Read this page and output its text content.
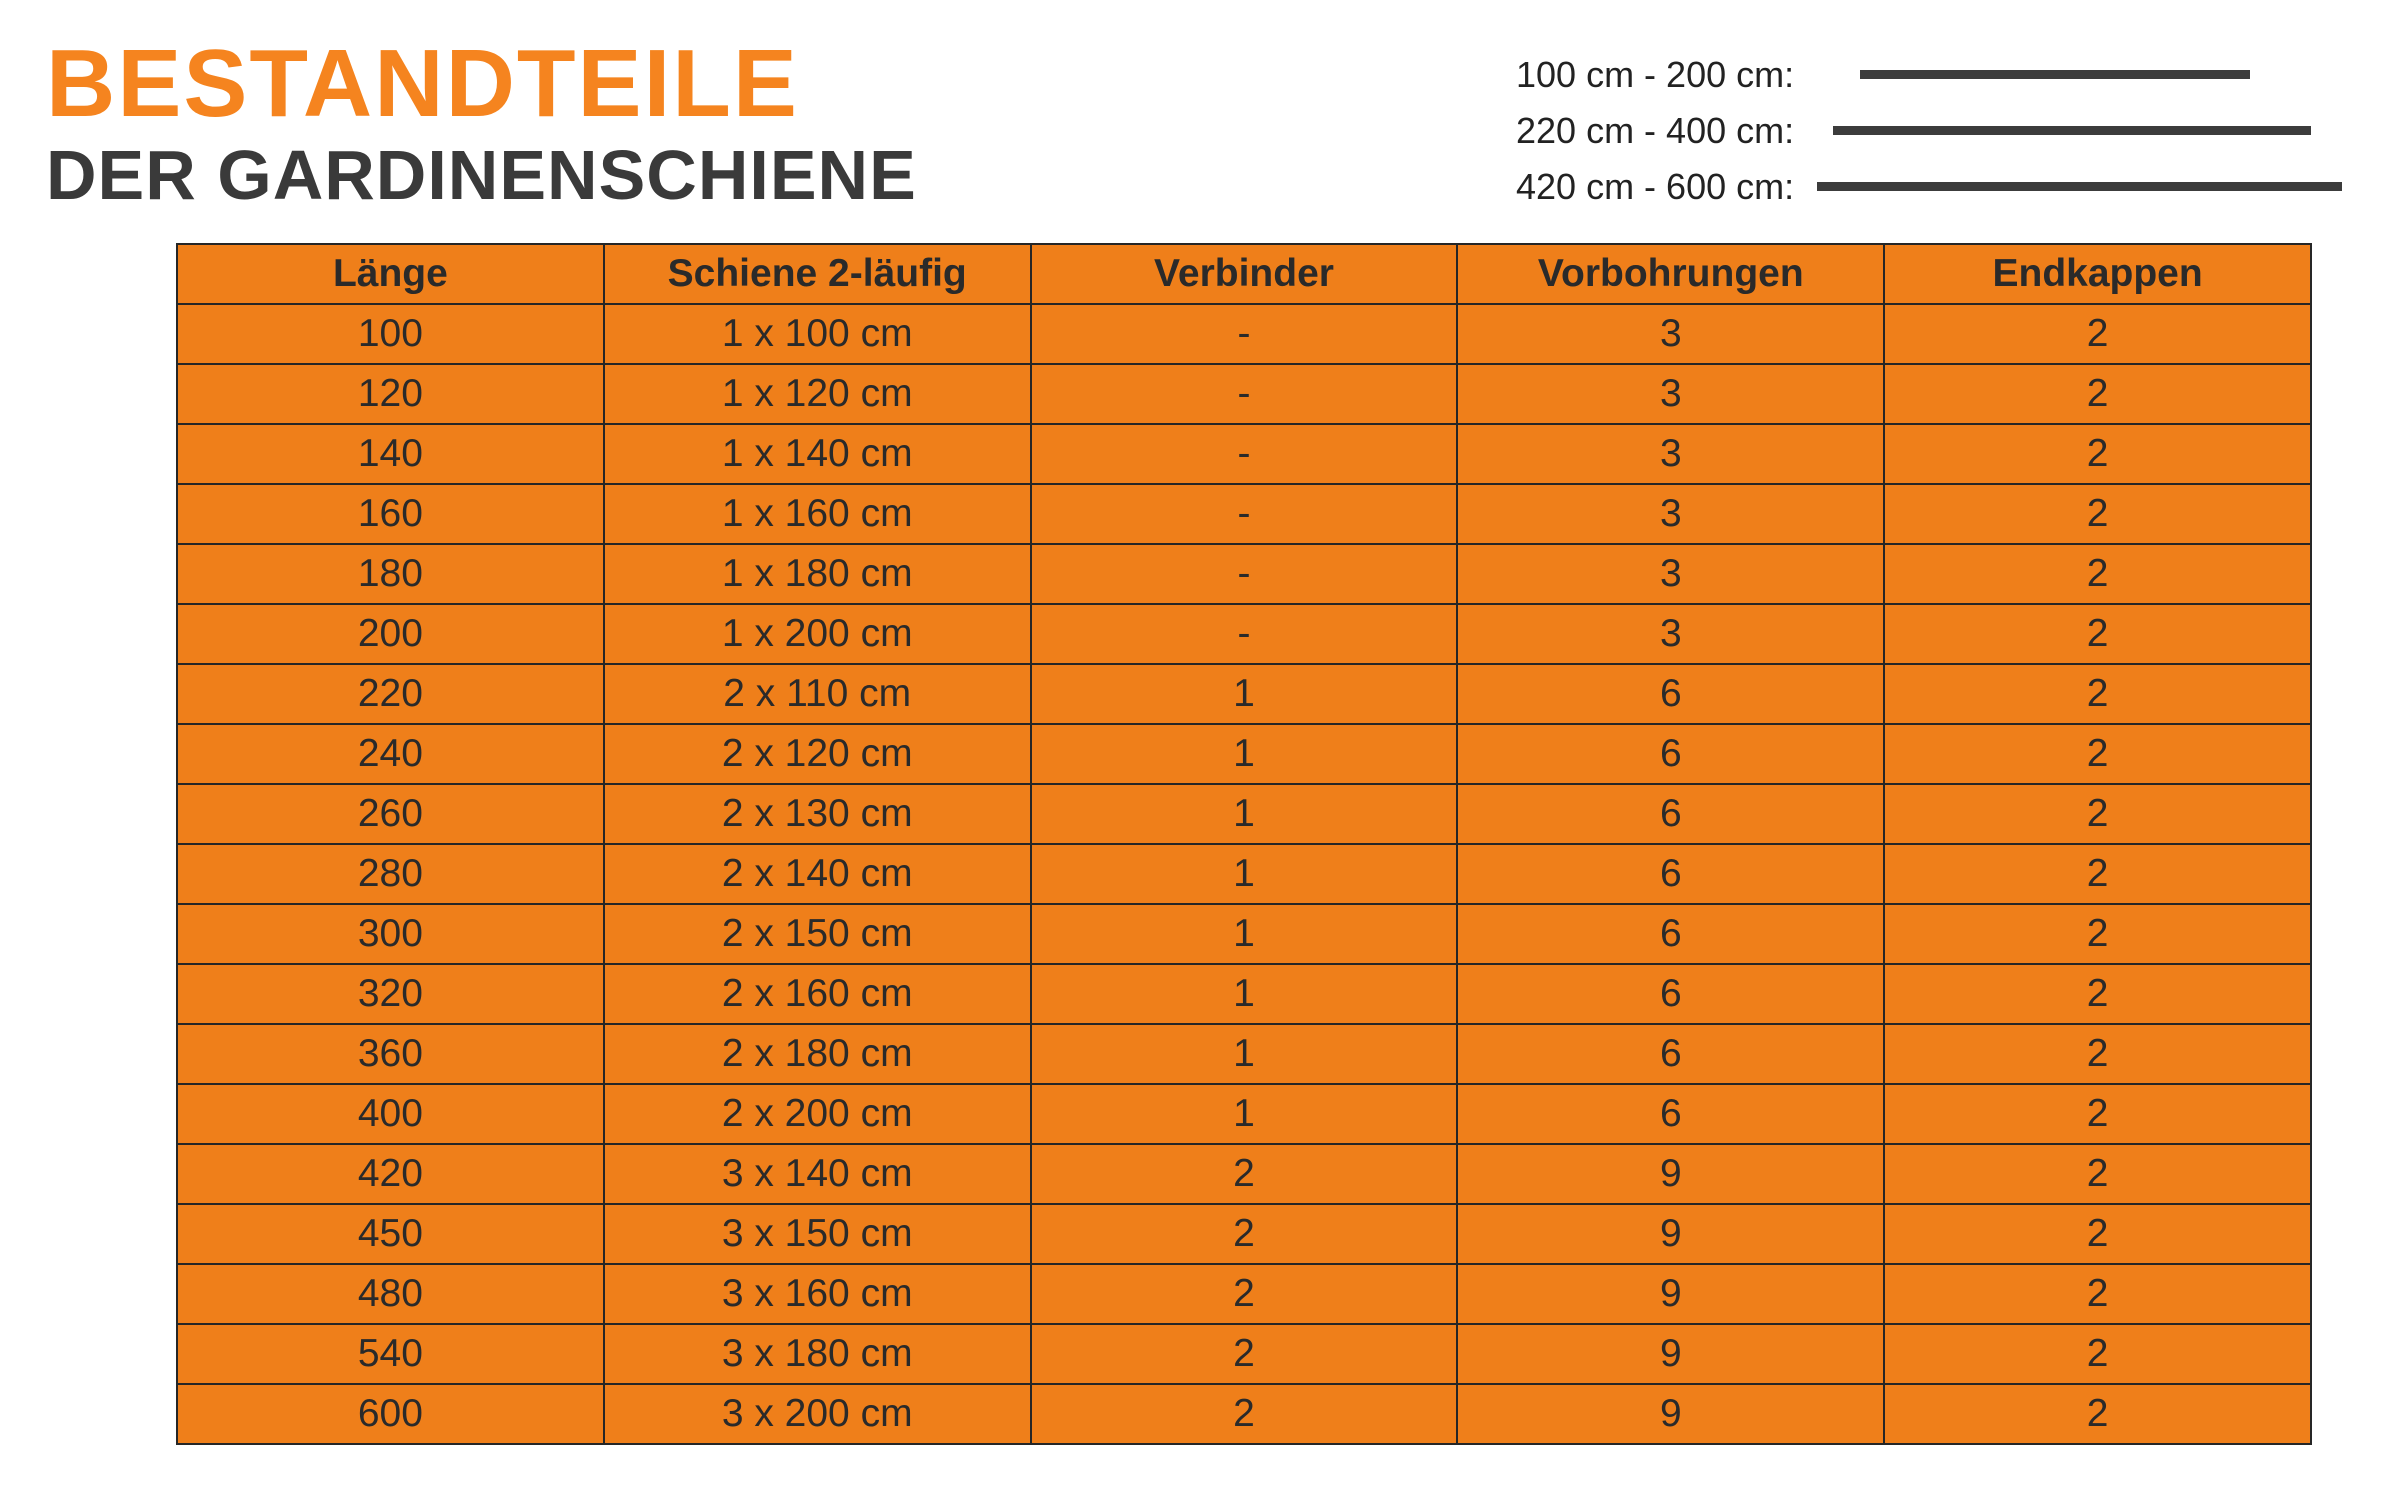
BESTANDTEILE
DER GARDINENSCHIENE
100 cm - 200 cm:
220 cm - 400 cm:
420 cm - 600 cm:
Länge	Schiene 2-läufig	Verbinder	Vorbohrungen	Endkappen
100	1 x 100 cm	-	3	2
120	1 x 120 cm	-	3	2
140	1 x 140 cm	-	3	2
160	1 x 160 cm	-	3	2
180	1 x 180 cm	-	3	2
200	1 x 200 cm	-	3	2
220	2 x 110 cm	1	6	2
240	2 x 120 cm	1	6	2
260	2 x 130 cm	1	6	2
280	2 x 140 cm	1	6	2
300	2 x 150 cm	1	6	2
320	2 x 160 cm	1	6	2
360	2 x 180 cm	1	6	2
400	2 x 200 cm	1	6	2
420	3 x 140 cm	2	9	2
450	3 x 150 cm	2	9	2
480	3 x 160 cm	2	9	2
540	3 x 180 cm	2	9	2
600	3 x 200 cm	2	9	2
